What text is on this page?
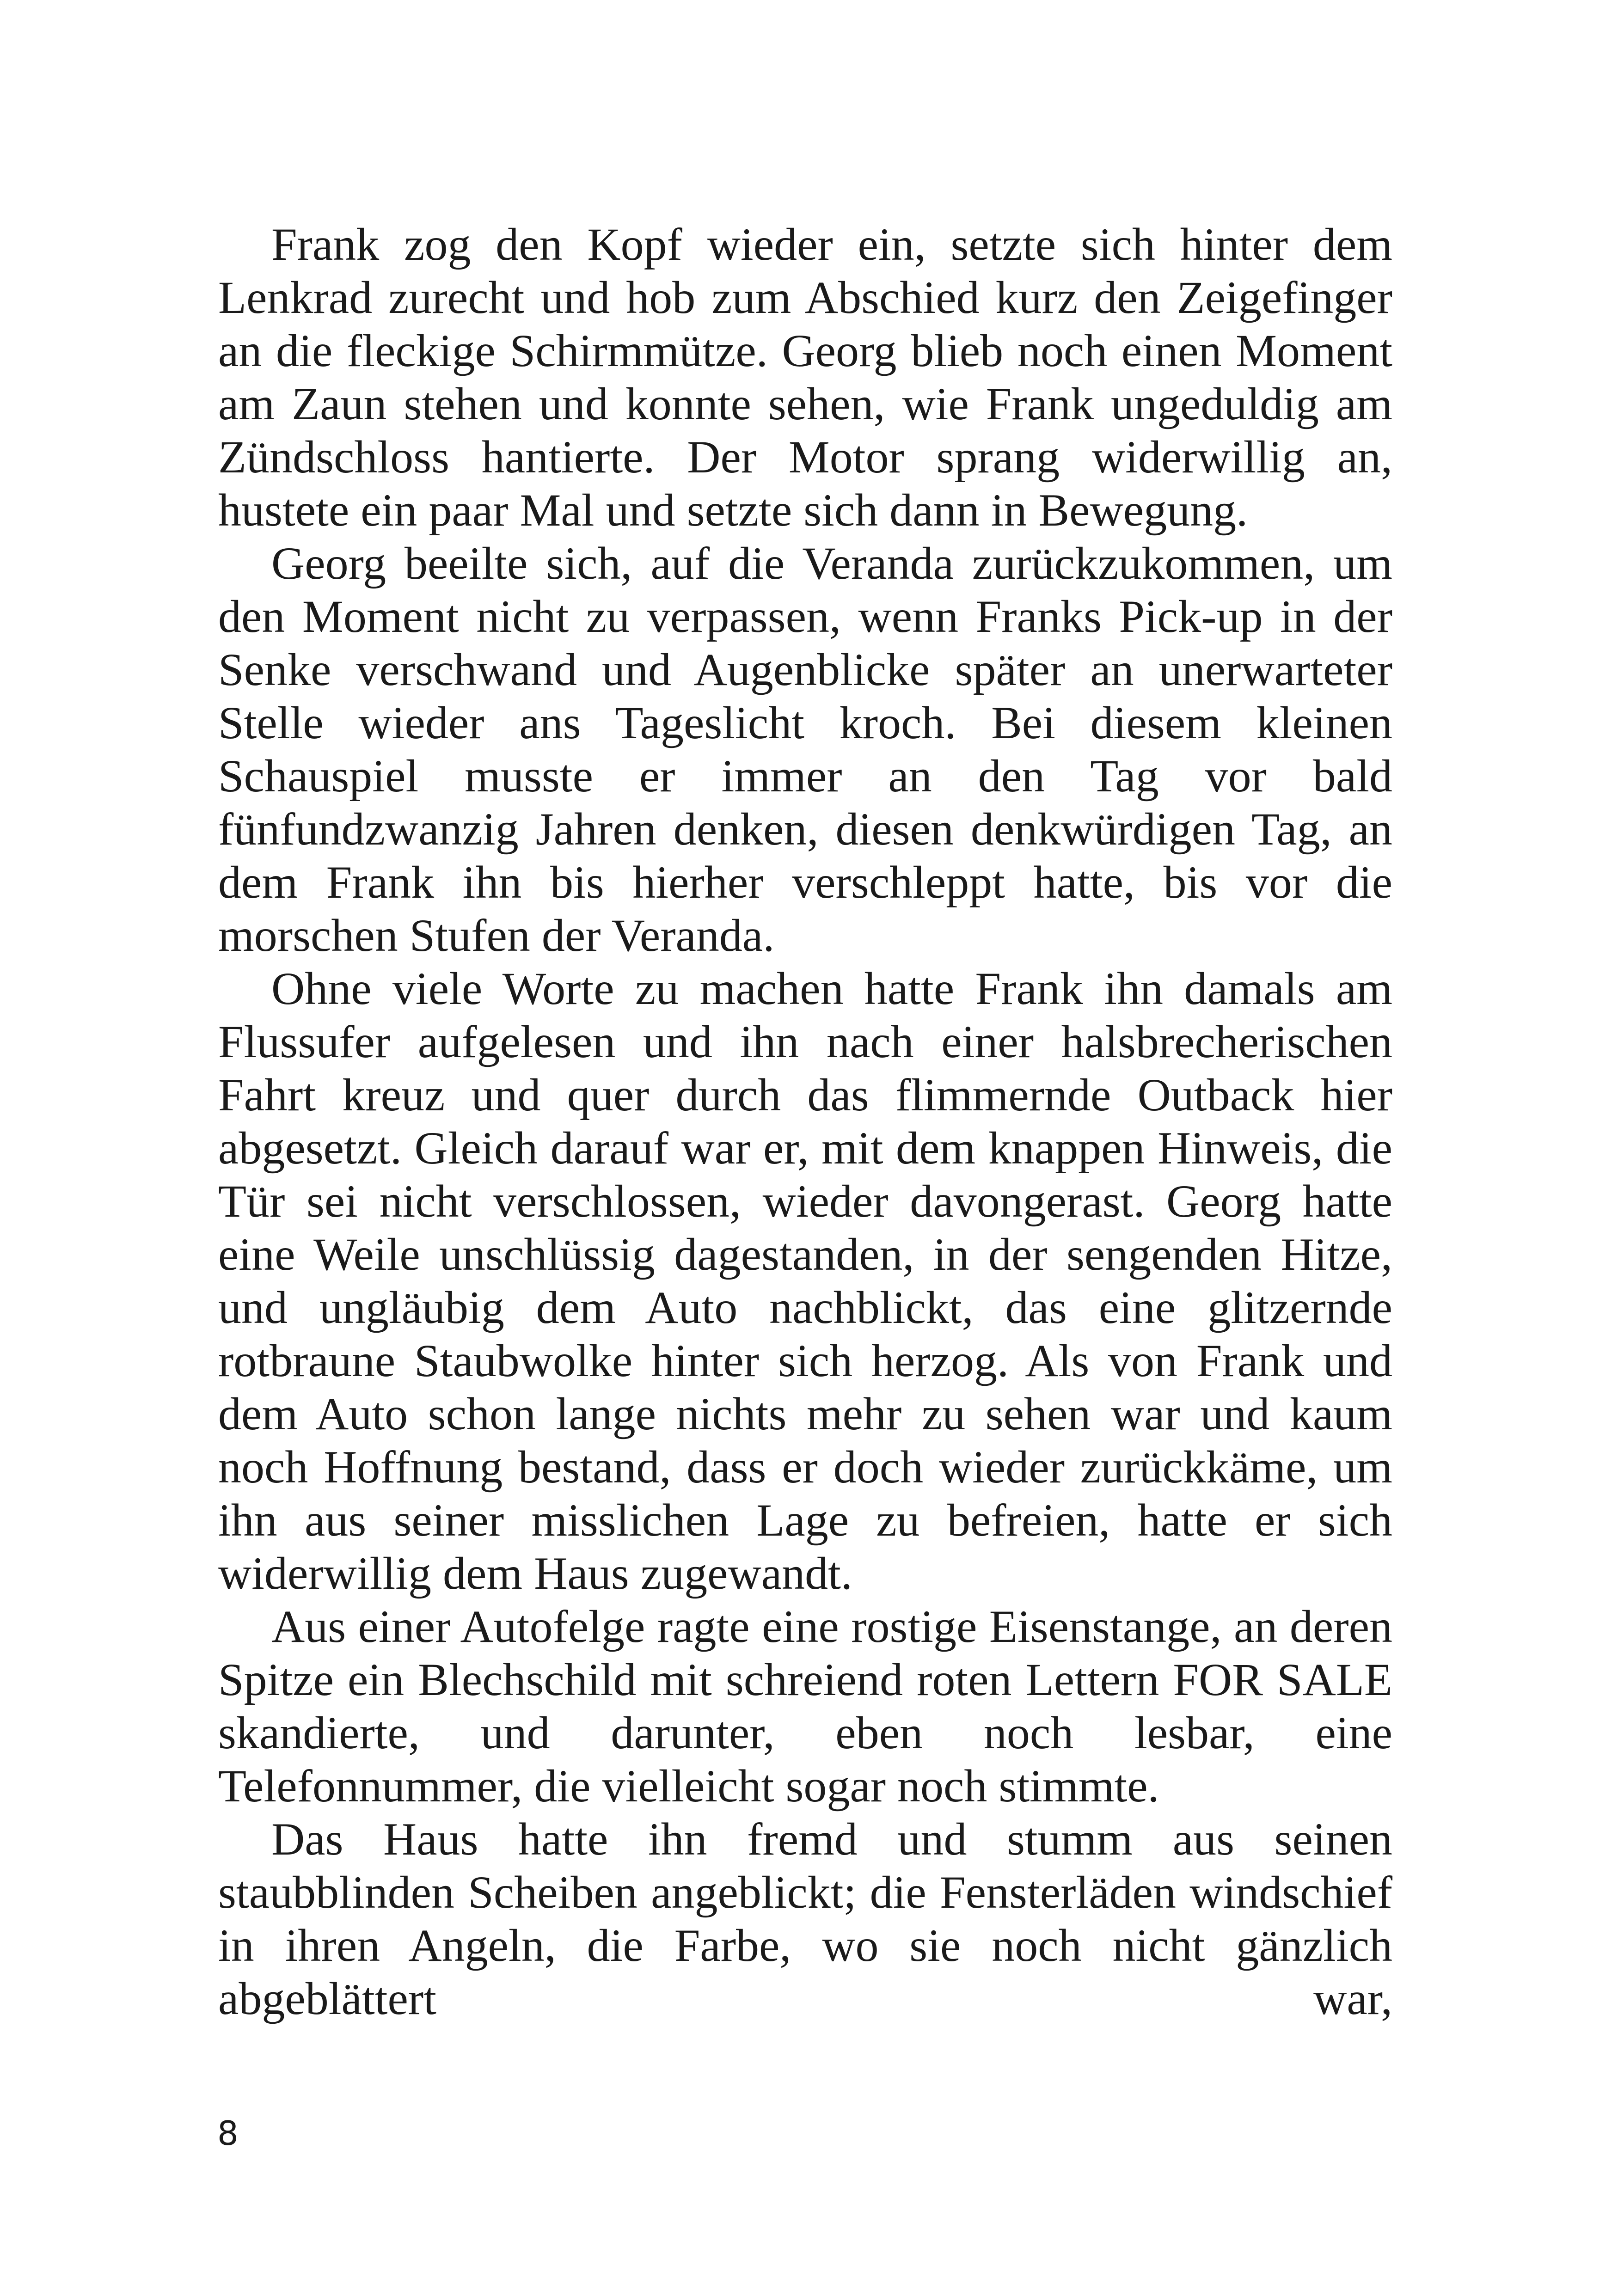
Frank zog den Kopf wieder ein, setzte sich hinter dem Lenkrad zurecht und hob zum Abschied kurz den Zeigefinger an die fleckige Schirmmütze. Georg blieb noch einen Moment am Zaun stehen und konnte sehen, wie Frank ungeduldig am Zündschloss hantierte. Der Motor sprang widerwillig an, hustete ein paar Mal und setzte sich dann in Bewegung.

Georg beeilte sich, auf die Veranda zurückzukommen, um den Moment nicht zu verpassen, wenn Franks Pick-up in der Senke verschwand und Augenblicke später an unerwarteter Stelle wieder ans Tageslicht kroch. Bei diesem kleinen Schauspiel musste er immer an den Tag vor bald fünfundzwanzig Jahren denken, diesen denkwürdigen Tag, an dem Frank ihn bis hierher verschleppt hatte, bis vor die morschen Stufen der Veranda.

Ohne viele Worte zu machen hatte Frank ihn damals am Flussufer aufgelesen und ihn nach einer halsbrecherischen Fahrt kreuz und quer durch das flimmernde Outback hier abgesetzt. Gleich darauf war er, mit dem knappen Hinweis, die Tür sei nicht verschlossen, wieder davongerast. Georg hatte eine Weile unschlüssig dagestanden, in der sengenden Hitze, und ungläubig dem Auto nachblickt, das eine glitzernde rotbraune Staubwolke hinter sich herzog. Als von Frank und dem Auto schon lange nichts mehr zu sehen war und kaum noch Hoffnung bestand, dass er doch wieder zurückkäme, um ihn aus seiner misslichen Lage zu befreien, hatte er sich widerwillig dem Haus zugewandt.

Aus einer Autofelge ragte eine rostige Eisenstange, an deren Spitze ein Blechschild mit schreiend roten Lettern FOR SALE skandierte, und darunter, eben noch lesbar, eine Telefonnummer, die vielleicht sogar noch stimmte.

Das Haus hatte ihn fremd und stumm aus seinen staubblinden Scheiben angeblickt; die Fensterläden windschief in ihren Angeln, die Farbe, wo sie noch nicht gänzlich abgeblättert war,

8
